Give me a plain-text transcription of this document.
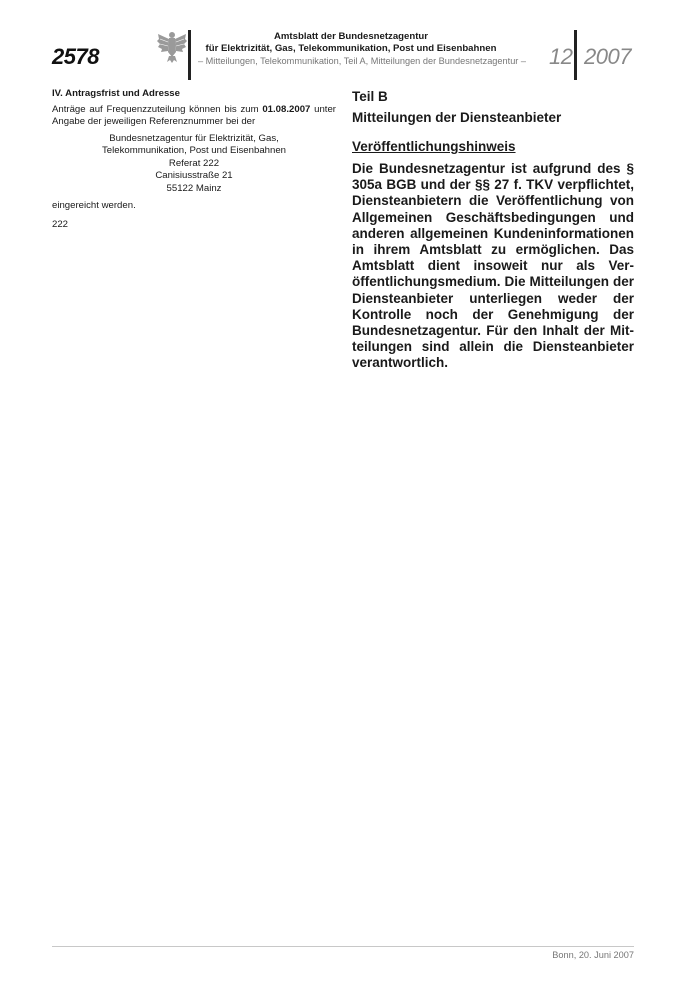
2578
Amtsblatt der Bundesnetzagentur
für Elektrizität, Gas, Telekommunikation, Post und Eisenbahnen
– Mitteilungen, Telekommunikation, Teil A, Mitteilungen der Bundesnetzagentur – 12 2007

IV. Antragsfrist und Adresse

Anträge auf Frequenzzuteilung können bis zum 01.08.2007 unter Angabe der jeweiligen Referenznummer bei der

Bundesnetzagentur für Elektrizität, Gas,
Telekommunikation, Post und Eisenbahnen
Referat 222
Canisiusstraße 21
55122 Mainz

eingereicht werden.

222

Teil B

Mitteilungen der Diensteanbieter

Veröffentlichungshinweis

Die Bundesnetzagentur ist aufgrund des § 305a BGB und der §§ 27 f. TKV verpflichtet, Diensteanbietern die Veröffentlichung von Allgemeinen Geschäftsbedingungen und anderen allgemeinen Kundeninformationen in ihrem Amtsblatt zu ermöglichen. Das Amtsblatt dient insoweit nur als Veröffentlichungsmedium. Die Mitteilungen der Diensteanbieter unterliegen weder der Kontrolle noch der Genehmigung der Bundesnetzagentur. Für den Inhalt der Mitteilungen sind allein die Diensteanbieter verantwortlich.

Bonn, 20. Juni 2007
